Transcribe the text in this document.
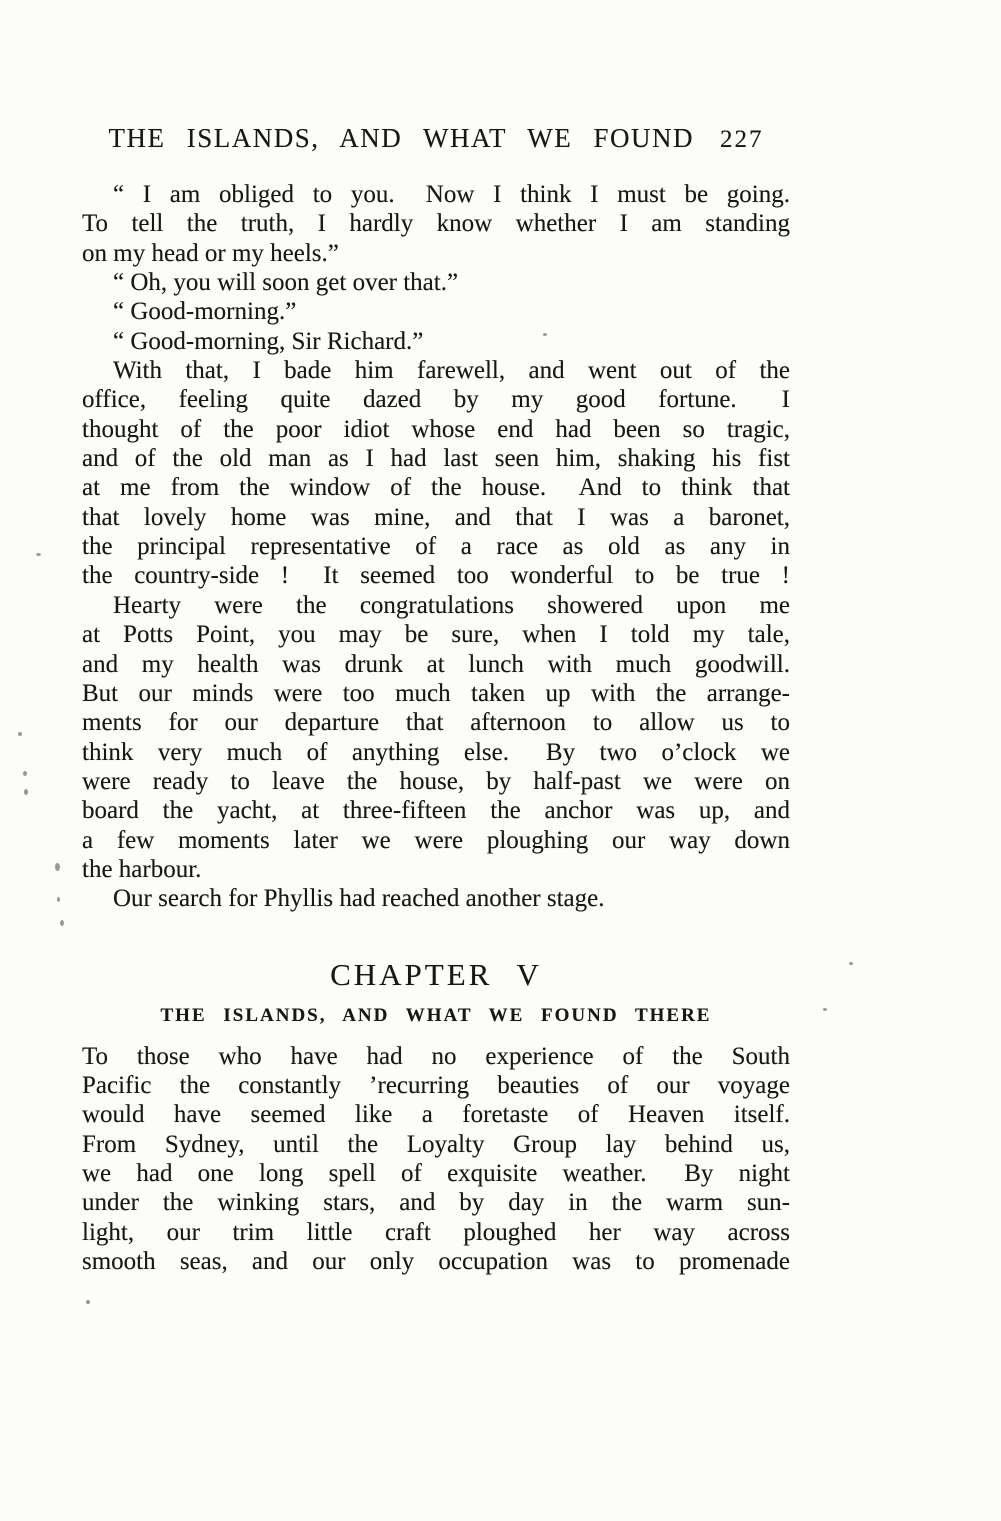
THE ISLANDS, AND WHAT WE FOUND 227
“ I am obliged to you.  Now I think I must be going.
To tell the truth, I hardly know whether I am standing
on my head or my heels.”
“ Oh, you will soon get over that.”
“ Good-morning.”
“ Good-morning, Sir Richard.”
With that, I bade him farewell, and went out of the
office, feeling quite dazed by my good fortune.  I
thought of the poor idiot whose end had been so tragic,
and of the old man as I had last seen him, shaking his fist
at me from the window of the house.  And to think that
that lovely home was mine, and that I was a baronet,
the principal representative of a race as old as any in
the country-side !  It seemed too wonderful to be true !
Hearty were the congratulations showered upon me
at Potts Point, you may be sure, when I told my tale,
and my health was drunk at lunch with much goodwill.
But our minds were too much taken up with the arrange-
ments for our departure that afternoon to allow us to
think very much of anything else.  By two o’clock we
were ready to leave the house, by half-past we were on
board the yacht, at three-fifteen the anchor was up, and
a few moments later we were ploughing our way down
the harbour.
Our search for Phyllis had reached another stage.
CHAPTER V
THE ISLANDS, AND WHAT WE FOUND THERE
To those who have had no experience of the South
Pacific the constantly ’recurring beauties of our voyage
would have seemed like a foretaste of Heaven itself.
From Sydney, until the Loyalty Group lay behind us,
we had one long spell of exquisite weather.  By night
under the winking stars, and by day in the warm sun-
light, our trim little craft ploughed her way across
smooth seas, and our only occupation was to promenade
